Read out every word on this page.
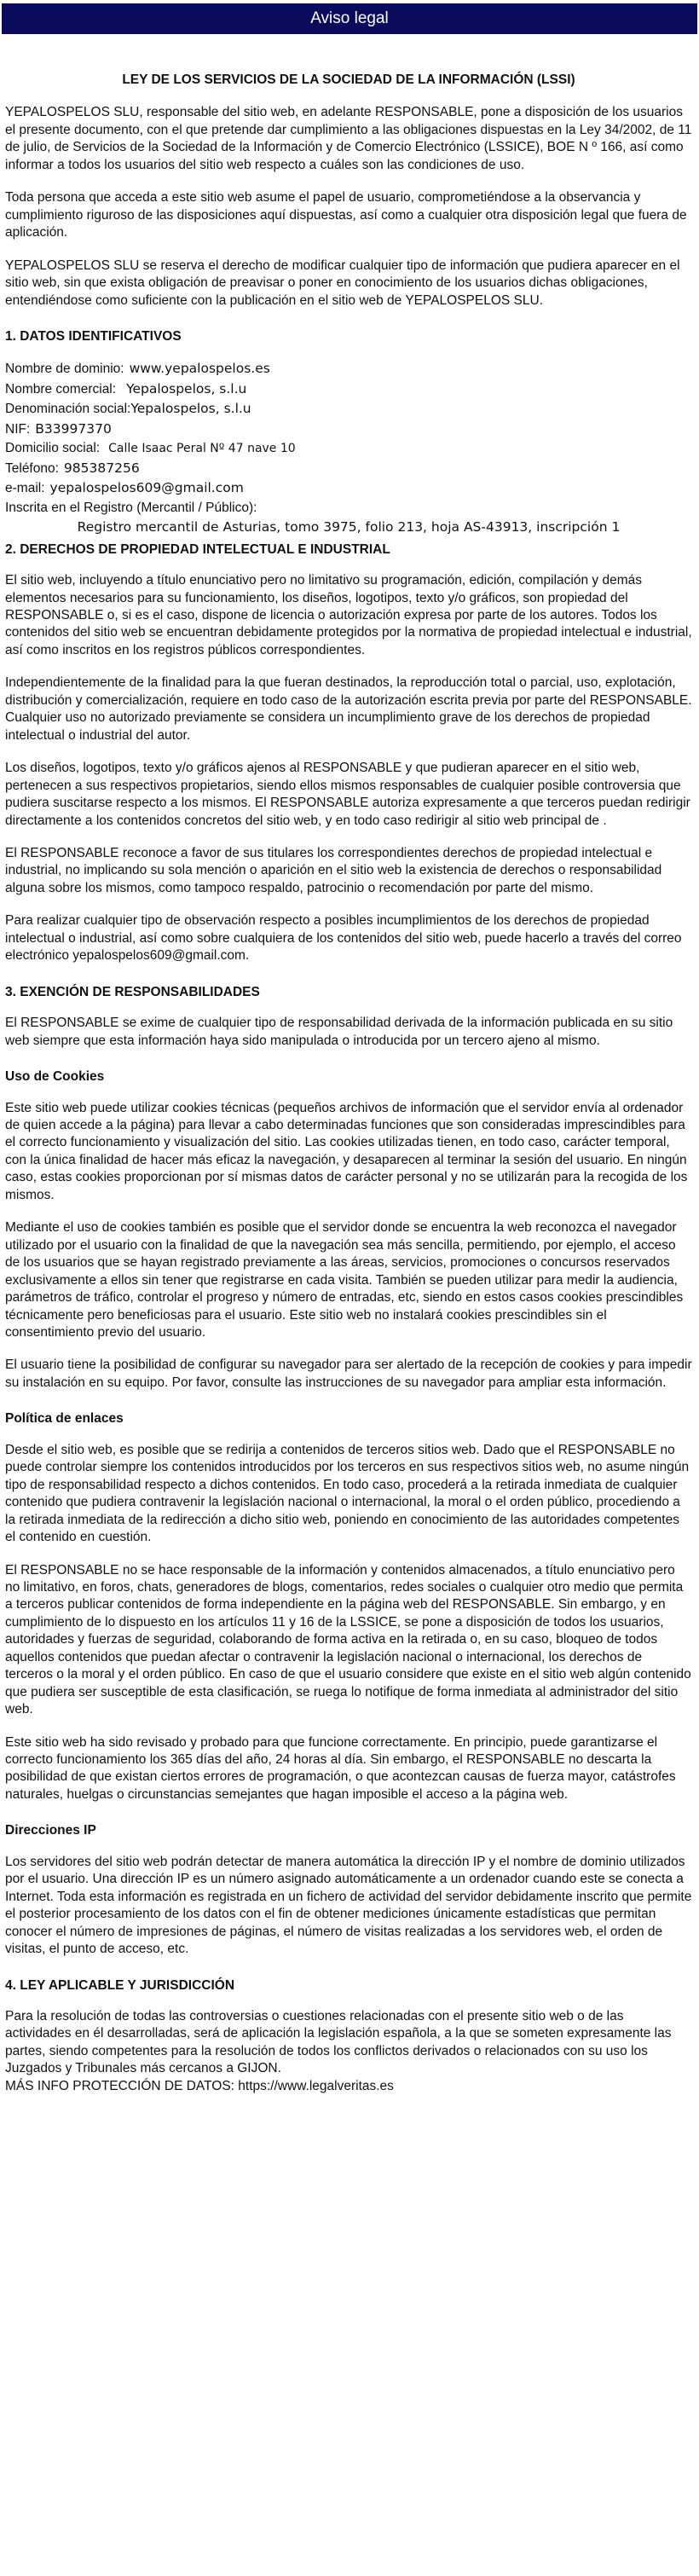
Aviso legal
LEY DE LOS SERVICIOS DE LA SOCIEDAD DE LA INFORMACIÓN (LSSI)

YEPALOSPELOS SLU, responsable del sitio web, en adelante RESPONSABLE, pone a disposición de los usuarios el presente documento, con el que pretende dar cumplimiento a las obligaciones dispuestas en la Ley 34/2002, de 11 de julio, de Servicios de la Sociedad de la Información y de Comercio Electrónico (LSSICE), BOE N º 166, así como informar a todos los usuarios del sitio web respecto a cuáles son las condiciones de uso.

Toda persona que acceda a este sitio web asume el papel de usuario, comprometiéndose a la observancia y cumplimiento riguroso de las disposiciones aquí dispuestas, así como a cualquier otra disposición legal que fuera de aplicación.

YEPALOSPELOS SLU se reserva el derecho de modificar cualquier tipo de información que pudiera aparecer en el sitio web, sin que exista obligación de preavisar o poner en conocimiento de los usuarios dichas obligaciones, entendiéndose como suficiente con la publicación en el sitio web de YEPALOSPELOS SLU.

1. DATOS IDENTIFICATIVOS
Nombre de dominio: www.yepalospelos.es
Nombre comercial: Yepalospelos, s.l.u
Denominación social:Yepalospelos, s.l.u
NIF: B33997370
Domicilio social: Calle Isaac Peral Nº 47 nave 10
Teléfono: 985387256
e-mail: yepalospelos609@gmail.com
Inscrita en el Registro (Mercantil / Público):
Registro mercantil de Asturias, tomo 3975, folio 213, hoja AS-43913, inscripción 1
2. DERECHOS DE PROPIEDAD INTELECTUAL E INDUSTRIAL

El sitio web, incluyendo a título enunciativo pero no limitativo su programación, edición, compilación y demás elementos necesarios para su funcionamiento, los diseños, logotipos, texto y/o gráficos, son propiedad del RESPONSABLE o, si es el caso, dispone de licencia o autorización expresa por parte de los autores. Todos los contenidos del sitio web se encuentran debidamente protegidos por la normativa de propiedad intelectual e industrial, así como inscritos en los registros públicos correspondientes.

Independientemente de la finalidad para la que fueran destinados, la reproducción total o parcial, uso, explotación, distribución y comercialización, requiere en todo caso de la autorización escrita previa por parte del RESPONSABLE. Cualquier uso no autorizado previamente se considera un incumplimiento grave de los derechos de propiedad intelectual o industrial del autor.

Los diseños, logotipos, texto y/o gráficos ajenos al RESPONSABLE y que pudieran aparecer en el sitio web, pertenecen a sus respectivos propietarios, siendo ellos mismos responsables de cualquier posible controversia que pudiera suscitarse respecto a los mismos. El RESPONSABLE autoriza expresamente a que terceros puedan redirigir directamente a los contenidos concretos del sitio web, y en todo caso redirigir al sitio web principal de .

El RESPONSABLE reconoce a favor de sus titulares los correspondientes derechos de propiedad intelectual e industrial, no implicando su sola mención o aparición en el sitio web la existencia de derechos o responsabilidad alguna sobre los mismos, como tampoco respaldo, patrocinio o recomendación por parte del mismo.

Para realizar cualquier tipo de observación respecto a posibles incumplimientos de los derechos de propiedad intelectual o industrial, así como sobre cualquiera de los contenidos del sitio web, puede hacerlo a través del correo electrónico yepalospelos609@gmail.com.

3. EXENCIÓN DE RESPONSABILIDADES

El RESPONSABLE se exime de cualquier tipo de responsabilidad derivada de la información publicada en su sitio web siempre que esta información haya sido manipulada o introducida por un tercero ajeno al mismo.

Uso de Cookies

Este sitio web puede utilizar cookies técnicas (pequeños archivos de información que el servidor envía al ordenador de quien accede a la página) para llevar a cabo determinadas funciones que son consideradas imprescindibles para el correcto funcionamiento y visualización del sitio. Las cookies utilizadas tienen, en todo caso, carácter temporal, con la única finalidad de hacer más eficaz la navegación, y desaparecen al terminar la sesión del usuario. En ningún caso, estas cookies proporcionan por sí mismas datos de carácter personal y no se utilizarán para la recogida de los mismos.

Mediante el uso de cookies también es posible que el servidor donde se encuentra la web reconozca el navegador utilizado por el usuario con la finalidad de que la navegación sea más sencilla, permitiendo, por ejemplo, el acceso de los usuarios que se hayan registrado previamente a las áreas, servicios, promociones o concursos reservados exclusivamente a ellos sin tener que registrarse en cada visita. También se pueden utilizar para medir la audiencia, parámetros de tráfico, controlar el progreso y número de entradas, etc, siendo en estos casos cookies prescindibles técnicamente pero beneficiosas para el usuario. Este sitio web no instalará cookies prescindibles sin el consentimiento previo del usuario.

El usuario tiene la posibilidad de configurar su navegador para ser alertado de la recepción de cookies y para impedir su instalación en su equipo. Por favor, consulte las instrucciones de su navegador para ampliar esta información.

Política de enlaces

Desde el sitio web, es posible que se redirija a contenidos de terceros sitios web. Dado que el RESPONSABLE no puede controlar siempre los contenidos introducidos por los terceros en sus respectivos sitios web, no asume ningún tipo de responsabilidad respecto a dichos contenidos. En todo caso, procederá a la retirada inmediata de cualquier contenido que pudiera contravenir la legislación nacional o internacional, la moral o el orden público, procediendo a la retirada inmediata de la redirección a dicho sitio web, poniendo en conocimiento de las autoridades competentes el contenido en cuestión.

El RESPONSABLE no se hace responsable de la información y contenidos almacenados, a título enunciativo pero no limitativo, en foros, chats, generadores de blogs, comentarios, redes sociales o cualquier otro medio que permita a terceros publicar contenidos de forma independiente en la página web del RESPONSABLE. Sin embargo, y en cumplimiento de lo dispuesto en los artículos 11 y 16 de la LSSICE, se pone a disposición de todos los usuarios, autoridades y fuerzas de seguridad, colaborando de forma activa en la retirada o, en su caso, bloqueo de todos aquellos contenidos que puedan afectar o contravenir la legislación nacional o internacional, los derechos de terceros o la moral y el orden público. En caso de que el usuario considere que existe en el sitio web algún contenido que pudiera ser susceptible de esta clasificación, se ruega lo notifique de forma inmediata al administrador del sitio web.

Este sitio web ha sido revisado y probado para que funcione correctamente. En principio, puede garantizarse el correcto funcionamiento los 365 días del año, 24 horas al día. Sin embargo, el RESPONSABLE no descarta la posibilidad de que existan ciertos errores de programación, o que acontezcan causas de fuerza mayor, catástrofes naturales, huelgas o circunstancias semejantes que hagan imposible el acceso a la página web.

Direcciones IP

Los servidores del sitio web podrán detectar de manera automática la dirección IP y el nombre de dominio utilizados por el usuario. Una dirección IP es un número asignado automáticamente a un ordenador cuando este se conecta a Internet. Toda esta información es registrada en un fichero de actividad del servidor debidamente inscrito que permite el posterior procesamiento de los datos con el fin de obtener mediciones únicamente estadísticas que permitan conocer el número de impresiones de páginas, el número de visitas realizadas a los servidores web, el orden de visitas, el punto de acceso, etc.

4. LEY APLICABLE Y JURISDICCIÓN

Para la resolución de todas las controversias o cuestiones relacionadas con el presente sitio web o de las actividades en él desarrolladas, será de aplicación la legislación española, a la que se someten expresamente las partes, siendo competentes para la resolución de todos los conflictos derivados o relacionados con su uso los Juzgados y Tribunales más cercanos a GIJON.

MÁS INFO PROTECCIÓN DE DATOS: https://www.legalveritas.es
